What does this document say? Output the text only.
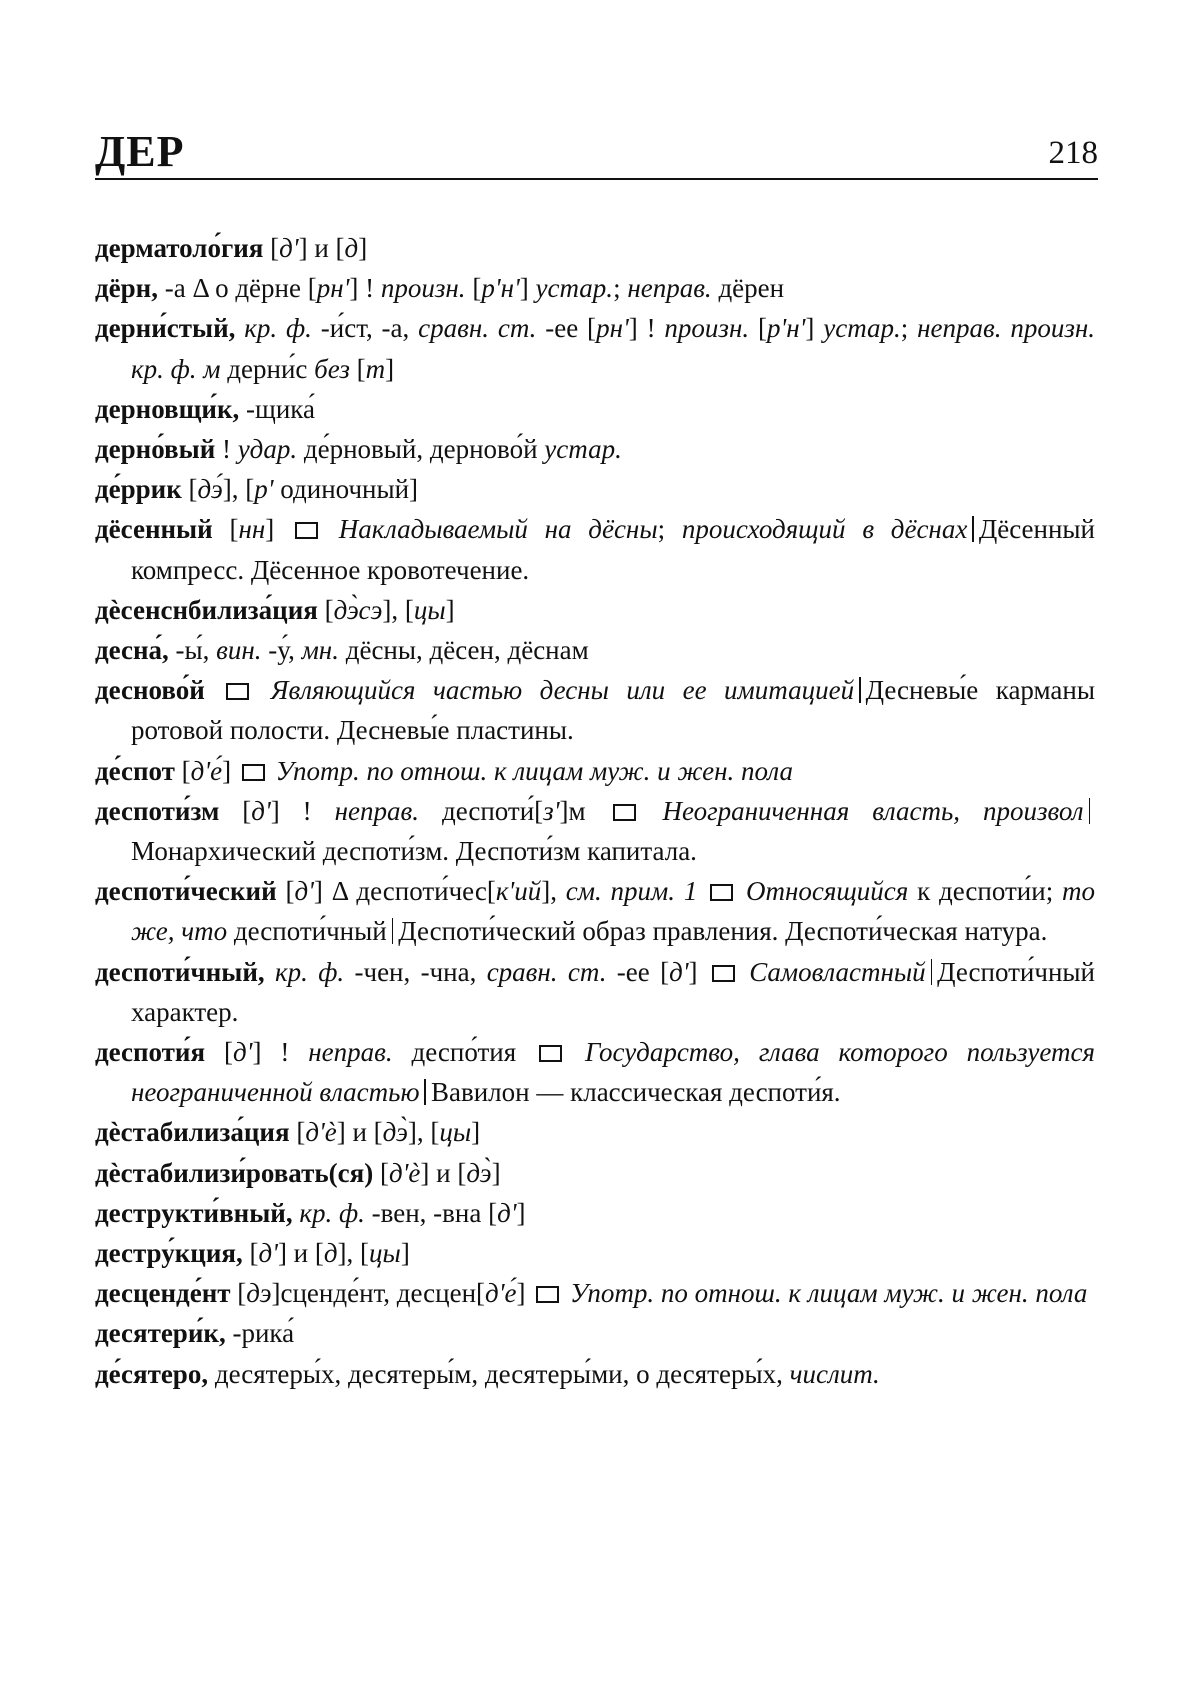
ДЕР	218

дерматоло́гия [д'] и [д]

дёрн, -а Δ о дёрне [рн'] ! произн. [р'н'] устар.; неправ. дёрен

дерни́стый, кр. ф. -и́ст, -а, сравн. ст. -ее [рн'] ! произн. [р'н'] устар.; неправ. произн. кр. ф. м дерни́с без [т]

дерновщи́к, -щика́

дерно́вый ! удар. де́рновый, дерново́й устар.

де́ррик [дэ́], [р' одиночный]

дёсенный [нн]  Накладываемый на дёсны; происходящий в дёснах Дёсенный компресс. Дёсенное кровотечение.

дѐсенснбилиза́ция [дэ̀сэ], [цы]

десна́, -ы́, вин. -у́, мн. дёсны, дёсен, дёснам

десново́й  Являющийся частью десны или ее имитацией Десневы́е карманы ротовой полости. Десневы́е пластины.

де́спот [д'е́]  Употр. по отнош. к лицам муж. и жен. пола

деспоти́зм [д'] ! неправ. деспоти́[з']м  Неограниченная власть, произволМонархический деспоти́зм. Деспоти́зм капитала.

деспоти́ческий [д'] Δ деспоти́чес[к'ий], см. прим. 1  Относящийся к деспоти́и; то же, что деспоти́чный Деспоти́ческий образ правления. Деспоти́ческая натура.

деспоти́чный, кр. ф. -чен, -чна, сравн. ст. -ее [д']  Самовластный Деспоти́чный характер.

деспоти́я [д'] ! неправ. деспо́тия  Государство, глава которого пользуется неограниченной властью Вавилон — классическая деспоти́я.

дѐстабилиза́ция [д'ѐ] и [дэ̀], [цы]

дѐстабилизи́ровать(ся) [д'ѐ] и [дэ̀]

деструкти́вный, кр. ф. -вен, -вна [д']

дестру́кция, [д'] и [д], [цы]

десценде́нт [дэ]сценде́нт, десцен[д'е́]  Употр. по отнош. к лицам муж. и жен. пола

десятери́к, -рика́

де́сятеро, десятеры́х, десятеры́м, десятеры́ми, о десятеры́х, числит.
